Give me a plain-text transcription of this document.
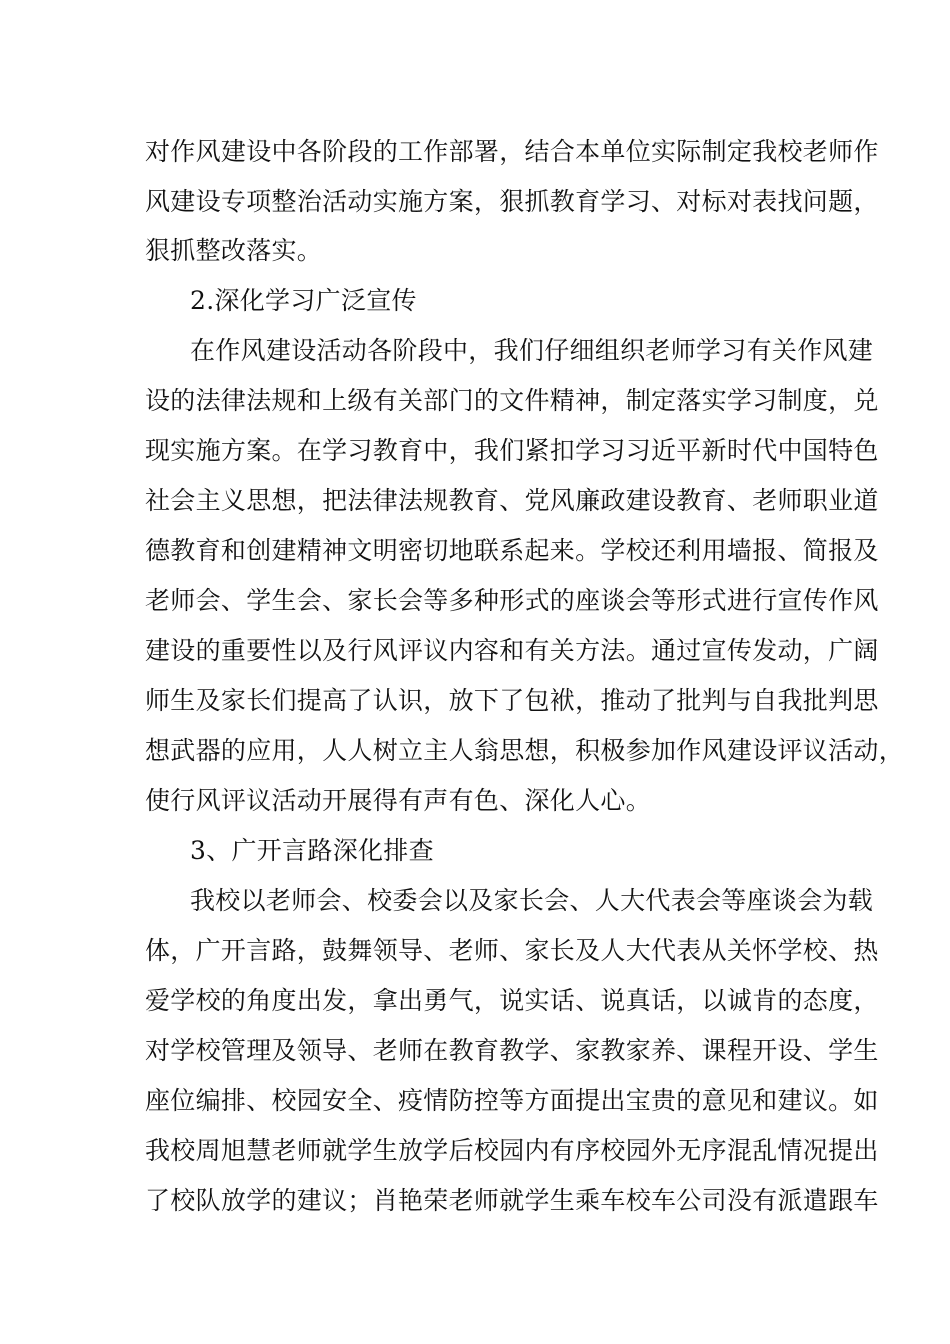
对作风建设中各阶段的工作部署，结合本单位实际制定我校老师作
风建设专项整治活动实施方案，狠抓教育学习、对标对表找问题，
狠抓整改落实。
2.深化学习广泛宣传
在作风建设活动各阶段中，我们仔细组织老师学习有关作风建
设的法律法规和上级有关部门的文件精神，制定落实学习制度，兑
现实施方案。在学习教育中，我们紧扣学习习近平新时代中国特色
社会主义思想，把法律法规教育、党风廉政建设教育、老师职业道
德教育和创建精神文明密切地联系起来。学校还利用墙报、简报及
老师会、学生会、家长会等多种形式的座谈会等形式进行宣传作风
建设的重要性以及行风评议内容和有关方法。通过宣传发动，广阔
师生及家长们提高了认识，放下了包袱，推动了批判与自我批判思
想武器的应用，人人树立主人翁思想，积极参加作风建设评议活动，
使行风评议活动开展得有声有色、深化人心。
3、广开言路深化排查
我校以老师会、校委会以及家长会、人大代表会等座谈会为载
体，广开言路，鼓舞领导、老师、家长及人大代表从关怀学校、热
爱学校的角度出发，拿出勇气，说实话、说真话，以诚肯的态度，
对学校管理及领导、老师在教育教学、家教家养、课程开设、学生
座位编排、校园安全、疫情防控等方面提出宝贵的意见和建议。如
我校周旭慧老师就学生放学后校园内有序校园外无序混乱情况提出
了校队放学的建议；肖艳荣老师就学生乘车校车公司没有派遣跟车
